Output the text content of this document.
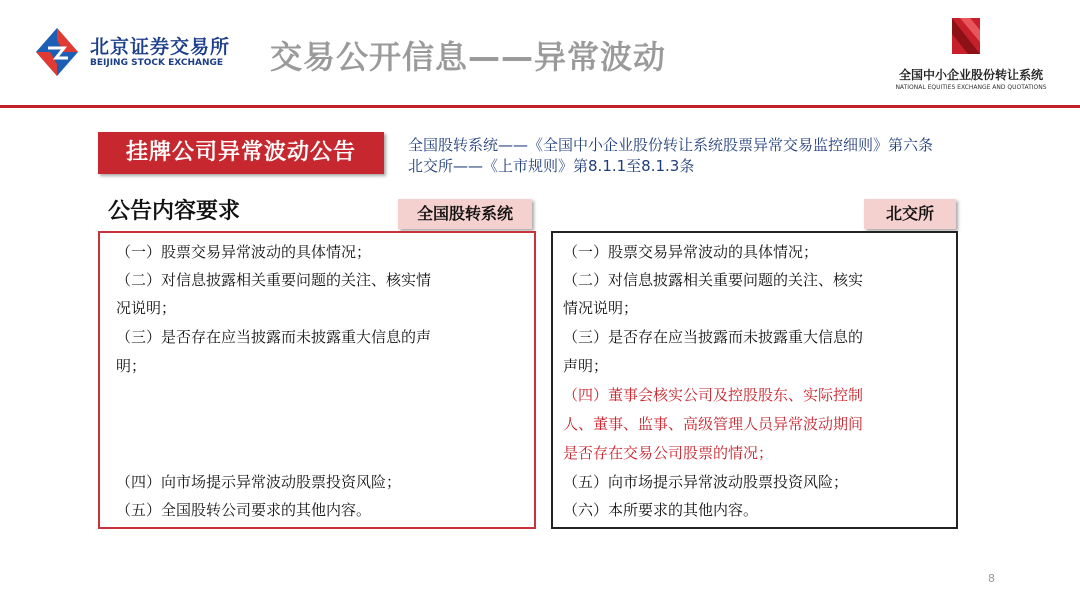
北京证券交易所
BEIJING STOCK EXCHANGE 交易公开信息——异常波动	全国中小企业股份转让系统
NATIONAL EQUITIES EXCHANGE AND QUOTATIONS
挂牌公司异常波动公告	全国股转系统——《全国中小企业股份转让系统股票异常交易监控细则》第六条
北交所——《上市规则》第8.1.1至8.1.3条
公告内容要求	全国股转系统	北交所
（一）股票交易异常波动的具体情况；
（二）对信息披露相关重要问题的关注、核实情
况说明；
（三）是否存在应当披露而未披露重大信息的声
明；
（四）向市场提示异常波动股票投资风险；
（五）全国股转公司要求的其他内容。
（一）股票交易异常波动的具体情况；
（二）对信息披露相关重要问题的关注、核实
情况说明；
（三）是否存在应当披露而未披露重大信息的
声明；
（四）董事会核实公司及控股股东、实际控制
人、董事、监事、高级管理人员异常波动期间
是否存在交易公司股票的情况；
（五）向市场提示异常波动股票投资风险；
（六）本所要求的其他内容。
8
